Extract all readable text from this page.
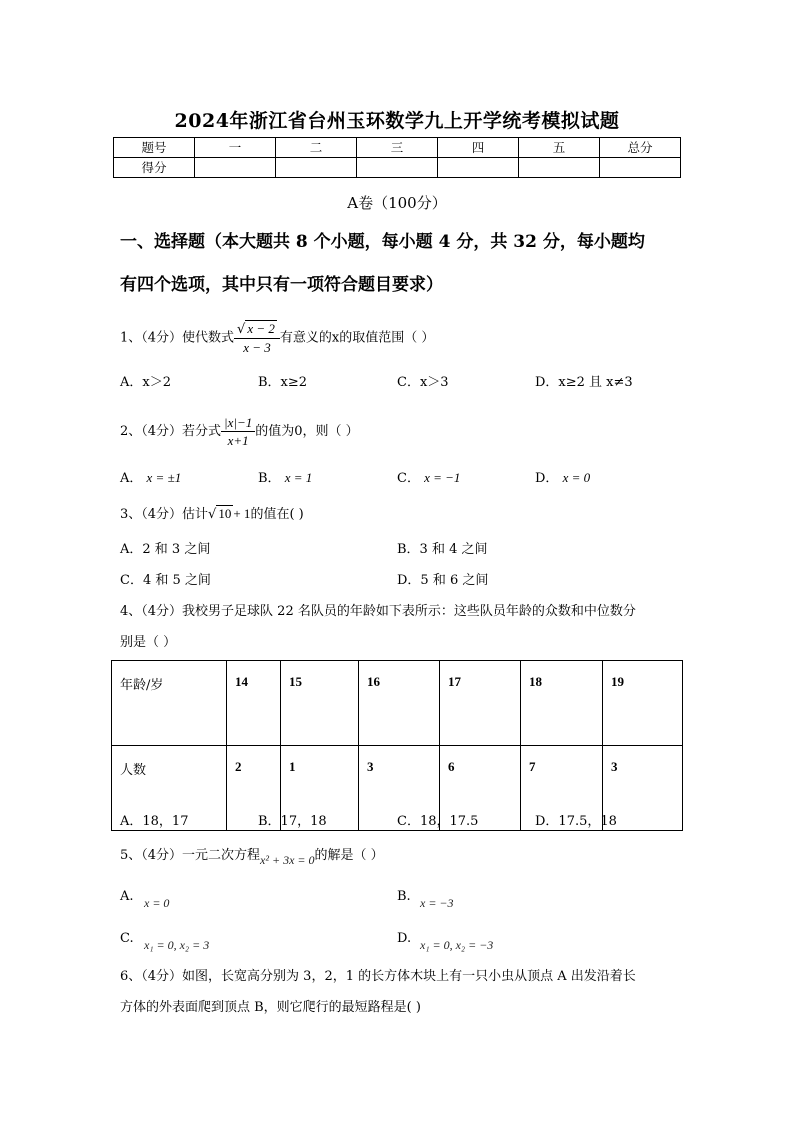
2024年浙江省台州玉环数学九上开学统考模拟试题
题号	一	二	三	四	五	总分
得分						
A卷（100分）
一、选择题（本大题共 8 个小题，每小题 4 分，共 32 分，每小题均
有四个选项，其中只有一项符合题目要求）
1、（4分）使代数式 $\frac{√ x - 2}{x - 3}$ 有意义的x的取值范围（ ）
A．x＞2	B．x≥2	C．x＞3	D．x≥2 且 x≠3
2、（4分）若分式 $\frac{|x|-1}{x+1}$ 的值为0，则（ ）
A． x = ±1	B． x = 1	C． x = −1	D． x = 0
3、（4分）估计√ 10 + 1的值在( )
A．2 和 3 之间	B．3 和 4 之间
C．4 和 5 之间	D．5 和 6 之间
4、（4分）我校男子足球队 22 名队员的年龄如下表所示：这些队员年龄的众数和中位数分
别是（ ）
年龄/岁	14	15	16	17	18	19
人数	2	1	3	6	7	3
A．18，17	B．17，18	C．18，17.5	D．17.5，18
5、（4分）一元二次方程x² + 3x = 0的解是（ ）
A. x = 0	B. x = −3
C. x₁ = 0, x₂ = 3	D. x₁ = 0, x₂ = −3
6、（4分）如图，长宽高分别为 3，2，1 的长方体木块上有一只小虫从顶点 A 出发沿着长
方体的外表面爬到顶点 B，则它爬行的最短路程是( )
